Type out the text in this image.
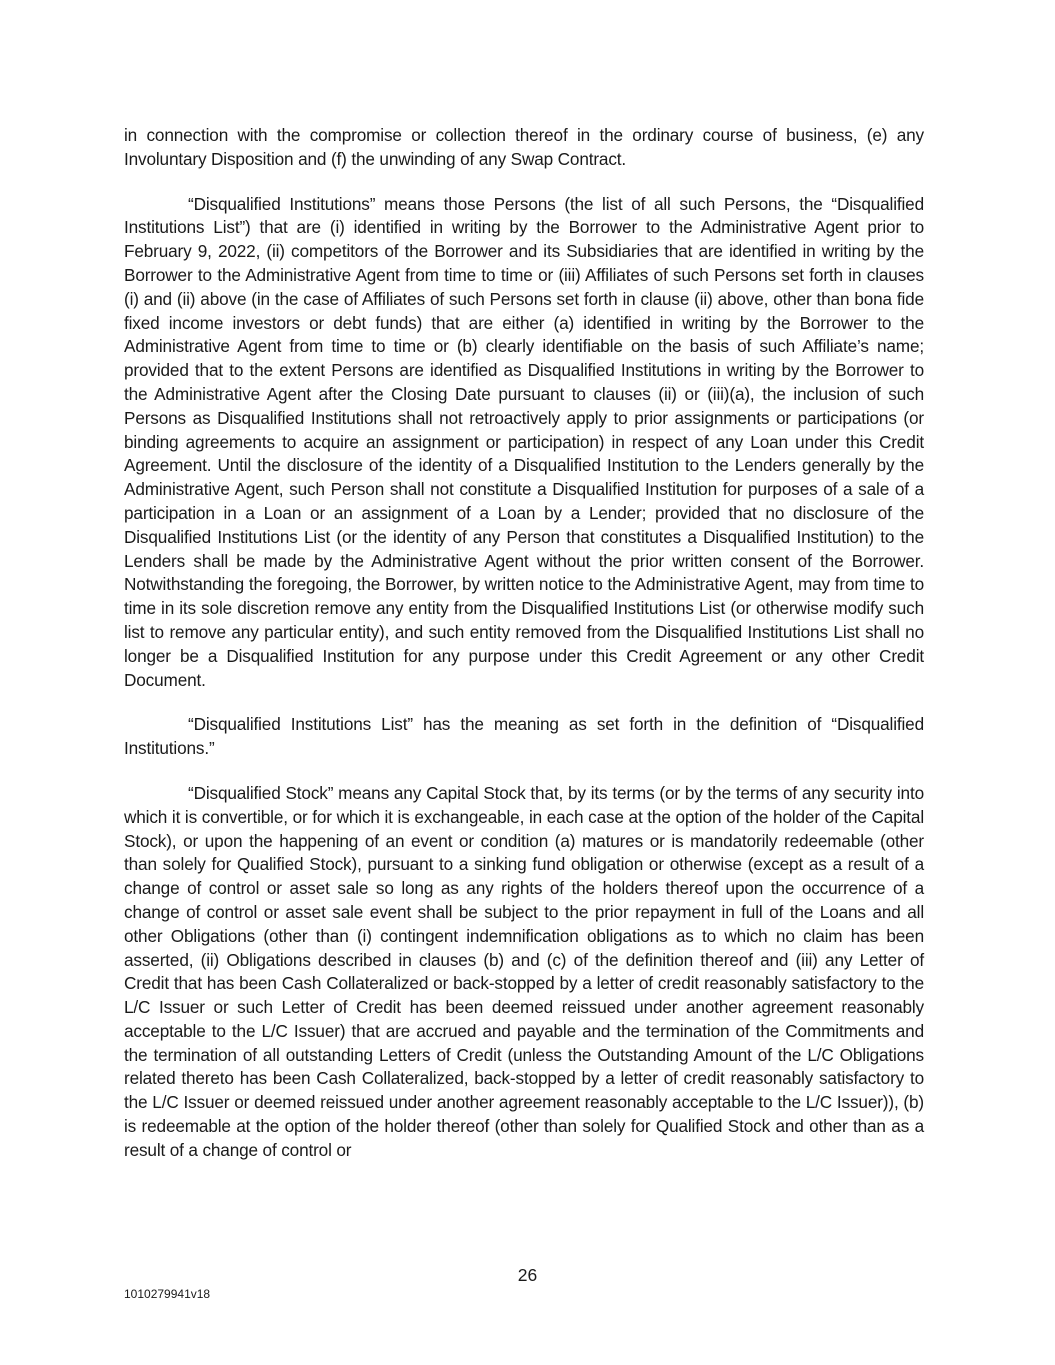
in connection with the compromise or collection thereof in the ordinary course of business, (e) any Involuntary Disposition and (f) the unwinding of any Swap Contract.

“Disqualified Institutions” means those Persons (the list of all such Persons, the “Disqualified Institutions List”) that are (i) identified in writing by the Borrower to the Administrative Agent prior to February 9, 2022, (ii) competitors of the Borrower and its Subsidiaries that are identified in writing by the Borrower to the Administrative Agent from time to time or (iii) Affiliates of such Persons set forth in clauses (i) and (ii) above (in the case of Affiliates of such Persons set forth in clause (ii) above, other than bona fide fixed income investors or debt funds) that are either (a) identified in writing by the Borrower to the Administrative Agent from time to time or (b) clearly identifiable on the basis of such Affiliate’s name; provided that to the extent Persons are identified as Disqualified Institutions in writing by the Borrower to the Administrative Agent after the Closing Date pursuant to clauses (ii) or (iii)(a), the inclusion of such Persons as Disqualified Institutions shall not retroactively apply to prior assignments or participations (or binding agreements to acquire an assignment or participation) in respect of any Loan under this Credit Agreement. Until the disclosure of the identity of a Disqualified Institution to the Lenders generally by the Administrative Agent, such Person shall not constitute a Disqualified Institution for purposes of a sale of a participation in a Loan or an assignment of a Loan by a Lender; provided that no disclosure of the Disqualified Institutions List (or the identity of any Person that constitutes a Disqualified Institution) to the Lenders shall be made by the Administrative Agent without the prior written consent of the Borrower. Notwithstanding the foregoing, the Borrower, by written notice to the Administrative Agent, may from time to time in its sole discretion remove any entity from the Disqualified Institutions List (or otherwise modify such list to remove any particular entity), and such entity removed from the Disqualified Institutions List shall no longer be a Disqualified Institution for any purpose under this Credit Agreement or any other Credit Document.

“Disqualified Institutions List” has the meaning as set forth in the definition of “Disqualified Institutions.”

“Disqualified Stock” means any Capital Stock that, by its terms (or by the terms of any security into which it is convertible, or for which it is exchangeable, in each case at the option of the holder of the Capital Stock), or upon the happening of an event or condition (a) matures or is mandatorily redeemable (other than solely for Qualified Stock), pursuant to a sinking fund obligation or otherwise (except as a result of a change of control or asset sale so long as any rights of the holders thereof upon the occurrence of a change of control or asset sale event shall be subject to the prior repayment in full of the Loans and all other Obligations (other than (i) contingent indemnification obligations as to which no claim has been asserted, (ii) Obligations described in clauses (b) and (c) of the definition thereof and (iii) any Letter of Credit that has been Cash Collateralized or back-stopped by a letter of credit reasonably satisfactory to the L/C Issuer or such Letter of Credit has been deemed reissued under another agreement reasonably acceptable to the L/C Issuer) that are accrued and payable and the termination of the Commitments and the termination of all outstanding Letters of Credit (unless the Outstanding Amount of the L/C Obligations related thereto has been Cash Collateralized, back-stopped by a letter of credit reasonably satisfactory to the L/C Issuer or deemed reissued under another agreement reasonably acceptable to the L/C Issuer)), (b) is redeemable at the option of the holder thereof (other than solely for Qualified Stock and other than as a result of a change of control or

26
1010279941v18
